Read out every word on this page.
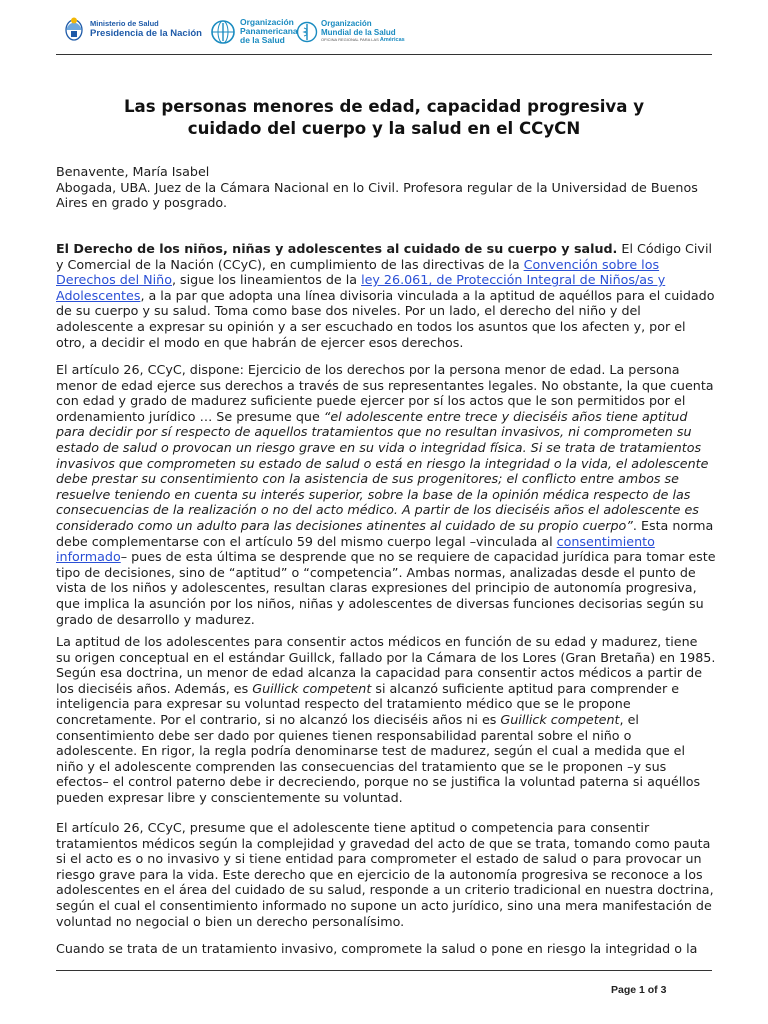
Ministerio de Salud
Presidencia de la Nación
Organización
Panamericana
de la Salud
Organización
Mundial de la Salud
OFICINA REGIONAL PARA LAS Américas
Las personas menores de edad, capacidad progresiva y
cuidado del cuerpo y la salud en el CCyCN

Benavente, María Isabel

Abogada, UBA. Juez de la Cámara Nacional en lo Civil. Profesora regular de la Universidad de Buenos Aires en grado y posgrado.

El Derecho de los niños, niñas y adolescentes al cuidado de su cuerpo y salud. El Código Civil y Comercial de la Nación (CCyC), en cumplimiento de las directivas de la Convención sobre los Derechos del Niño, sigue los lineamientos de la ley 26.061, de Protección Integral de Niños/as y Adolescentes, a la par que adopta una línea divisoria vinculada a la aptitud de aquéllos para el cuidado de su cuerpo y su salud. Toma como base dos niveles. Por un lado, el derecho del niño y del adolescente a expresar su opinión y a ser escuchado en todos los asuntos que los afecten y, por el otro, a decidir el modo en que habrán de ejercer esos derechos.

El artículo 26, CCyC, dispone: Ejercicio de los derechos por la persona menor de edad. La persona menor de edad ejerce sus derechos a través de sus representantes legales. No obstante, la que cuenta con edad y grado de madurez suficiente puede ejercer por sí los actos que le son permitidos por el ordenamiento jurídico … Se presume que “el adolescente entre trece y dieciséis años tiene aptitud para decidir por sí respecto de aquellos tratamientos que no resultan invasivos, ni comprometen su estado de salud o provocan un riesgo grave en su vida o integridad física. Si se trata de tratamientos invasivos que comprometen su estado de salud o está en riesgo la integridad o la vida, el adolescente debe prestar su consentimiento con la asistencia de sus progenitores; el conflicto entre ambos se resuelve teniendo en cuenta su interés superior, sobre la base de la opinión médica respecto de las consecuencias de la realización o no del acto médico. A partir de los dieciséis años el adolescente es considerado como un adulto para las decisiones atinentes al cuidado de su propio cuerpo”. Esta norma debe complementarse con el artículo 59 del mismo cuerpo legal –vinculada al consentimiento informado– pues de esta última se desprende que no se requiere de capacidad jurídica para tomar este tipo de decisiones, sino de “aptitud” o “competencia”. Ambas normas, analizadas desde el punto de vista de los niños y adolescentes, resultan claras expresiones del principio de autonomía progresiva, que implica la asunción por los niños, niñas y adolescentes de diversas funciones decisorias según su grado de desarrollo y madurez.

La aptitud de los adolescentes para consentir actos médicos en función de su edad y madurez, tiene su origen conceptual en el estándar Guillck, fallado por la Cámara de los Lores (Gran Bretaña) en 1985. Según esa doctrina, un menor de edad alcanza la capacidad para consentir actos médicos a partir de los dieciséis años. Además, es Guillick competent si alcanzó suficiente aptitud para comprender e inteligencia para expresar su voluntad respecto del tratamiento médico que se le propone concretamente. Por el contrario, si no alcanzó los dieciséis años ni es Guillick competent, el consentimiento debe ser dado por quienes tienen responsabilidad parental sobre el niño o adolescente. En rigor, la regla podría denominarse test de madurez, según el cual a medida que el niño y el adolescente comprenden las consecuencias del tratamiento que se le proponen –y sus efectos– el control paterno debe ir decreciendo, porque no se justifica la voluntad paterna si aquéllos pueden expresar libre y conscientemente su voluntad.

El artículo 26, CCyC, presume que el adolescente tiene aptitud o competencia para consentir tratamientos médicos según la complejidad y gravedad del acto de que se trata, tomando como pauta si el acto es o no invasivo y si tiene entidad para comprometer el estado de salud o para provocar un riesgo grave para la vida. Este derecho que en ejercicio de la autonomía progresiva se reconoce a los adolescentes en el área del cuidado de su salud, responde a un criterio tradicional en nuestra doctrina, según el cual el consentimiento informado no supone un acto jurídico, sino una mera manifestación de voluntad no negocial o bien un derecho personalísimo.

Cuando se trata de un tratamiento invasivo, compromete la salud o pone en riesgo la integridad o la

Page 1 of 3
